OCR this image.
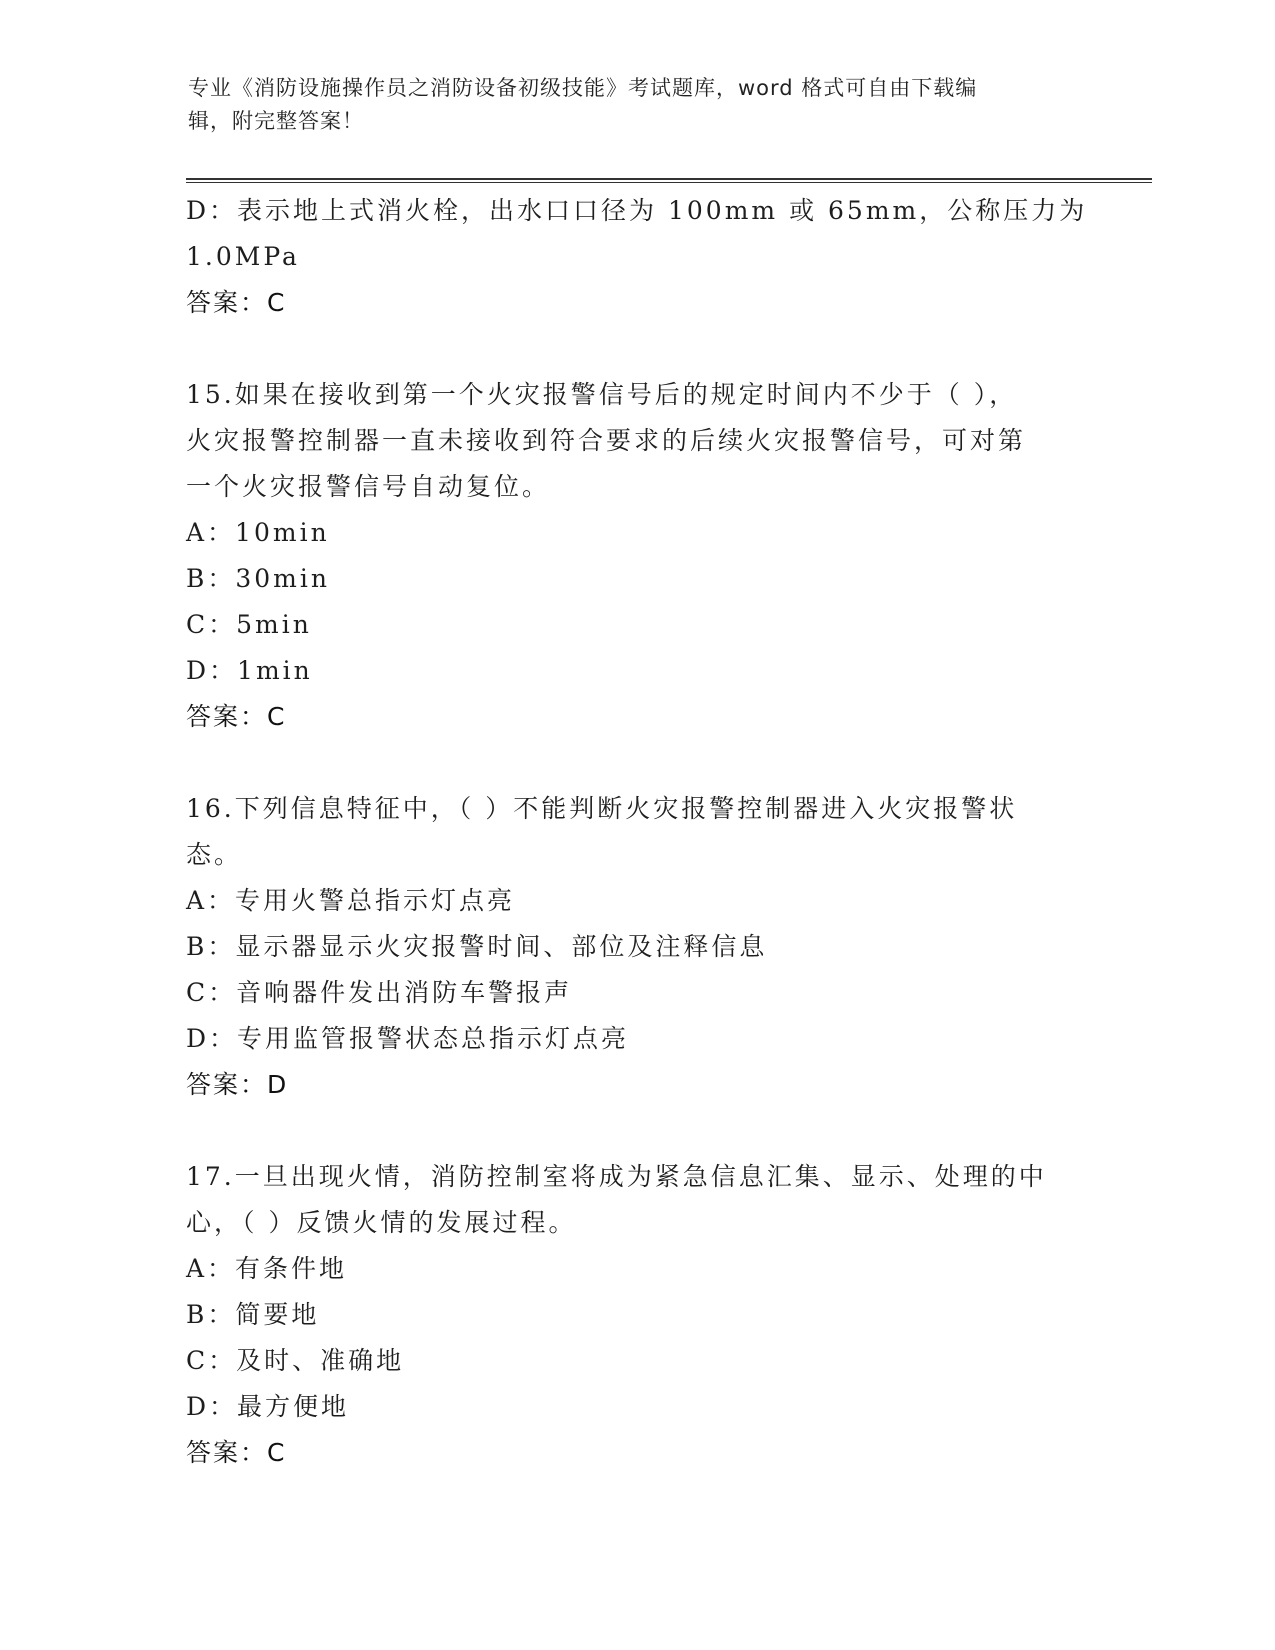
专业《消防设施操作员之消防设备初级技能》考试题库，word 格式可自由下载编
辑，附完整答案！
D：表示地上式消火栓，出水口口径为 100mm 或 65mm，公称压力为
1.0MPa
答案：C
15.如果在接收到第一个火灾报警信号后的规定时间内不少于（ ），
火灾报警控制器一直未接收到符合要求的后续火灾报警信号，可对第
一个火灾报警信号自动复位。
A：10min
B：30min
C：5min
D：1min
答案：C
16.下列信息特征中，（ ）不能判断火灾报警控制器进入火灾报警状
态。
A：专用火警总指示灯点亮
B：显示器显示火灾报警时间、部位及注释信息
C：音响器件发出消防车警报声
D：专用监管报警状态总指示灯点亮
答案：D
17.一旦出现火情，消防控制室将成为紧急信息汇集、显示、处理的中
心，（ ）反馈火情的发展过程。
A：有条件地
B：简要地
C：及时、准确地
D：最方便地
答案：C
